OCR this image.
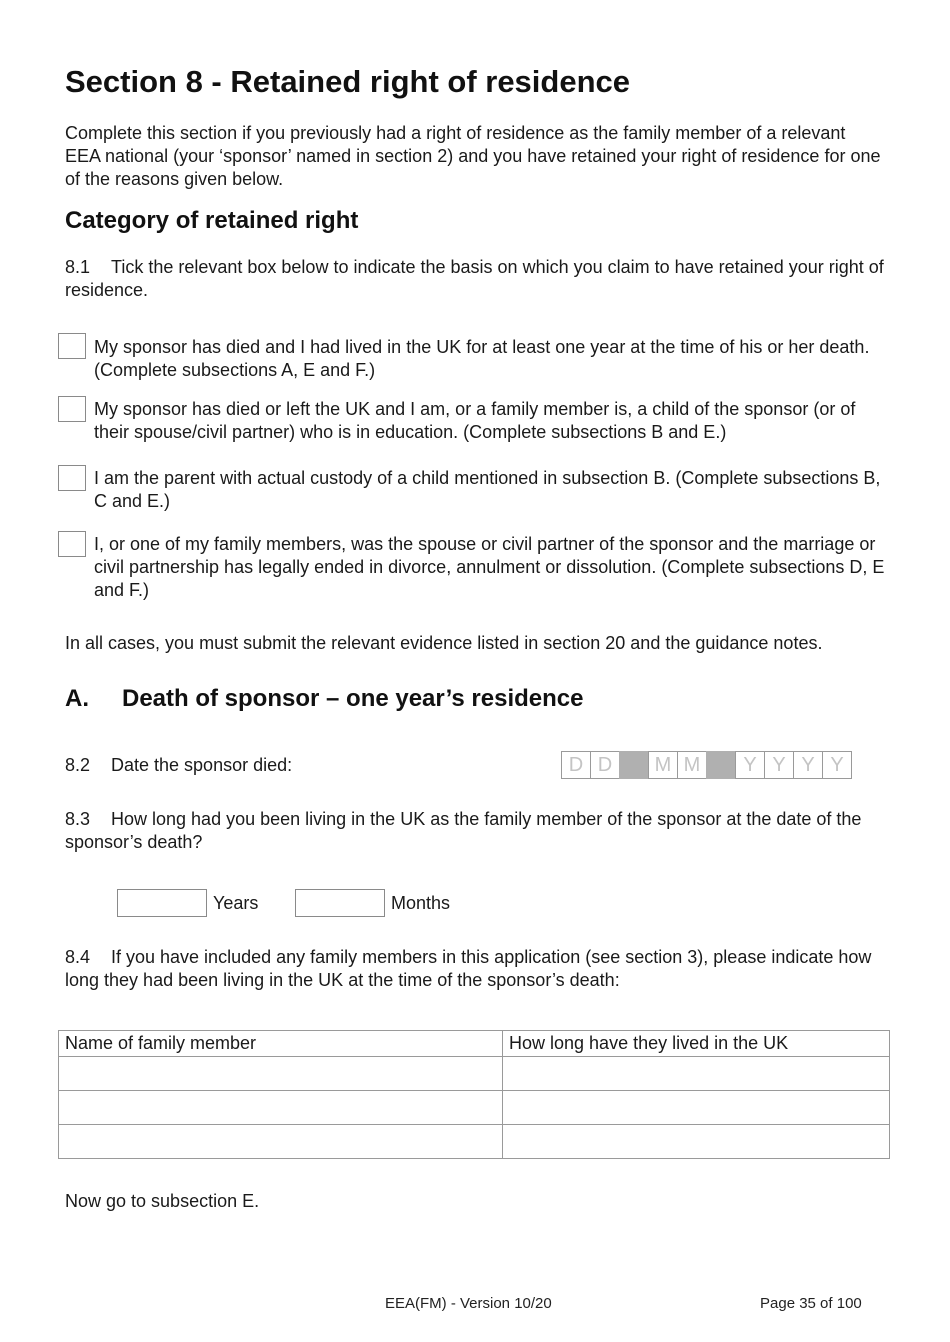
Section 8 - Retained right of residence
Complete this section if you previously had a right of residence as the family member of a relevant EEA national (your ‘sponsor’ named in section 2) and you have retained your right of residence for one of the reasons given below.
Category of retained right
8.1 Tick the relevant box below to indicate the basis on which you claim to have retained your right of residence.
My sponsor has died and I had lived in the UK for at least one year at the time of his or her death. (Complete subsections A, E and F.)
My sponsor has died or left the UK and I am, or a family member is, a child of the sponsor (or of their spouse/civil partner) who is in education. (Complete subsections B and E.)
I am the parent with actual custody of a child mentioned in subsection B. (Complete subsections B, C and E.)
I, or one of my family members, was the spouse or civil partner of the sponsor and the marriage or civil partnership has legally ended in divorce, annulment or dissolution. (Complete subsections D, E and F.)
In all cases, you must submit the relevant evidence listed in section 20 and the guidance notes.
A. Death of sponsor – one year’s residence
8.2 Date the sponsor died:	D D	M M	Y Y Y Y
8.3 How long had you been living in the UK as the family member of the sponsor at the date of the sponsor’s death?
Years	Months
8.4 If you have included any family members in this application (see section 3), please indicate how long they had been living in the UK at the time of the sponsor’s death:
Name of family member	How long have they lived in the UK

Now go to subsection E.
EEA(FM) - Version 10/20	Page 35 of 100
